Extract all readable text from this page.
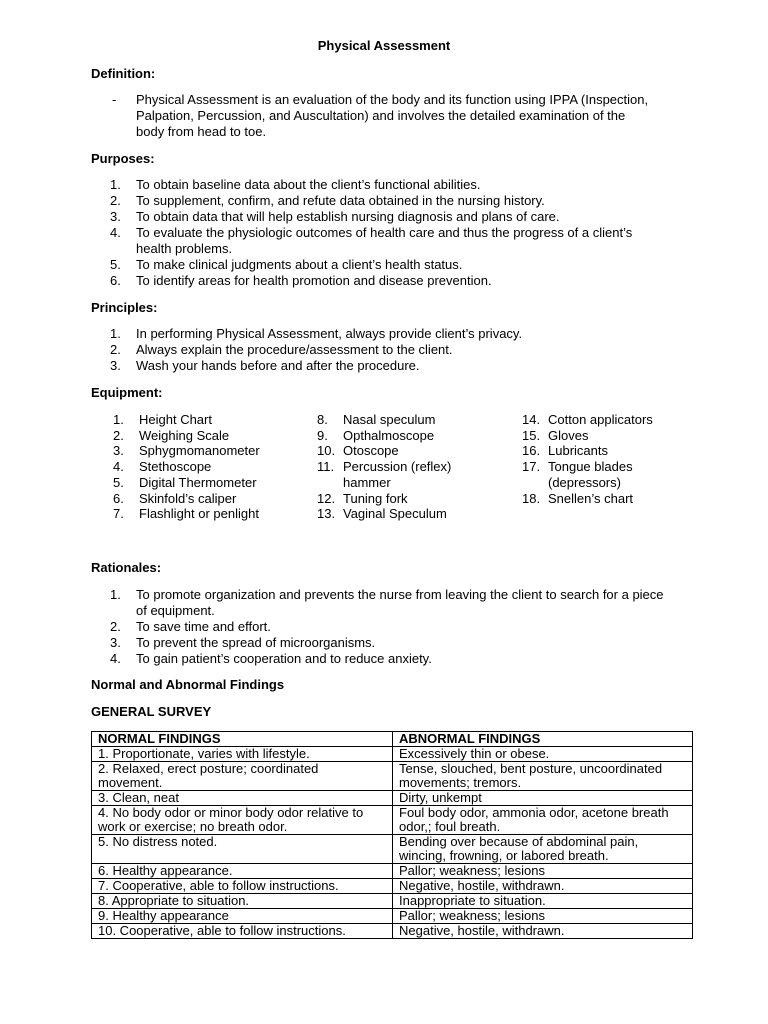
Physical Assessment
Definition:
- Physical Assessment is an evaluation of the body and its function using IPPA (Inspection, Palpation, Percussion, and Auscultation) and involves the detailed examination of the body from head to toe.
Purposes:
1.	To obtain baseline data about the client’s functional abilities.
2.	To supplement, confirm, and refute data obtained in the nursing history.
3.	To obtain data that will help establish nursing diagnosis and plans of care.
4.	To evaluate the physiologic outcomes of health care and thus the progress of a client’s health problems.
5.	To make clinical judgments about a client’s health status.
6.	To identify areas for health promotion and disease prevention.
Principles:
1.	In performing Physical Assessment, always provide client’s privacy.
2.	Always explain the procedure/assessment to the client.
3.	Wash your hands before and after the procedure.
Equipment:
1. Height Chart
2. Weighing Scale
3. Sphygmomanometer
4. Stethoscope
5. Digital Thermometer
6. Skinfold’s caliper
7. Flashlight or penlight
8. Nasal speculum
9. Opthalmoscope
10. Otoscope
11. Percussion (reflex) hammer
12. Tuning fork
13. Vaginal Speculum
14. Cotton applicators
15. Gloves
16. Lubricants
17. Tongue blades (depressors)
18. Snellen’s chart
Rationales:
1.	To promote organization and prevents the nurse from leaving the client to search for a piece of equipment.
2.	To save time and effort.
3.	To prevent the spread of microorganisms.
4.	To gain patient’s cooperation and to reduce anxiety.
Normal and Abnormal Findings
GENERAL SURVEY
NORMAL FINDINGS	ABNORMAL FINDINGS
1. Proportionate, varies with lifestyle.	Excessively thin or obese.
2. Relaxed, erect posture; coordinated movement.	Tense, slouched, bent posture, uncoordinated movements; tremors.
3. Clean, neat	Dirty, unkempt
4. No body odor or minor body odor relative to work or exercise; no breath odor.	Foul body odor, ammonia odor, acetone breath odor,; foul breath.
5. No distress noted.	Bending over because of abdominal pain, wincing, frowning, or labored breath.
6. Healthy appearance.	Pallor; weakness; lesions
7. Cooperative, able to follow instructions.	Negative, hostile, withdrawn.
8. Appropriate to situation.	Inappropriate to situation.
9. Healthy appearance	Pallor; weakness; lesions
10. Cooperative, able to follow instructions.	Negative, hostile, withdrawn.
